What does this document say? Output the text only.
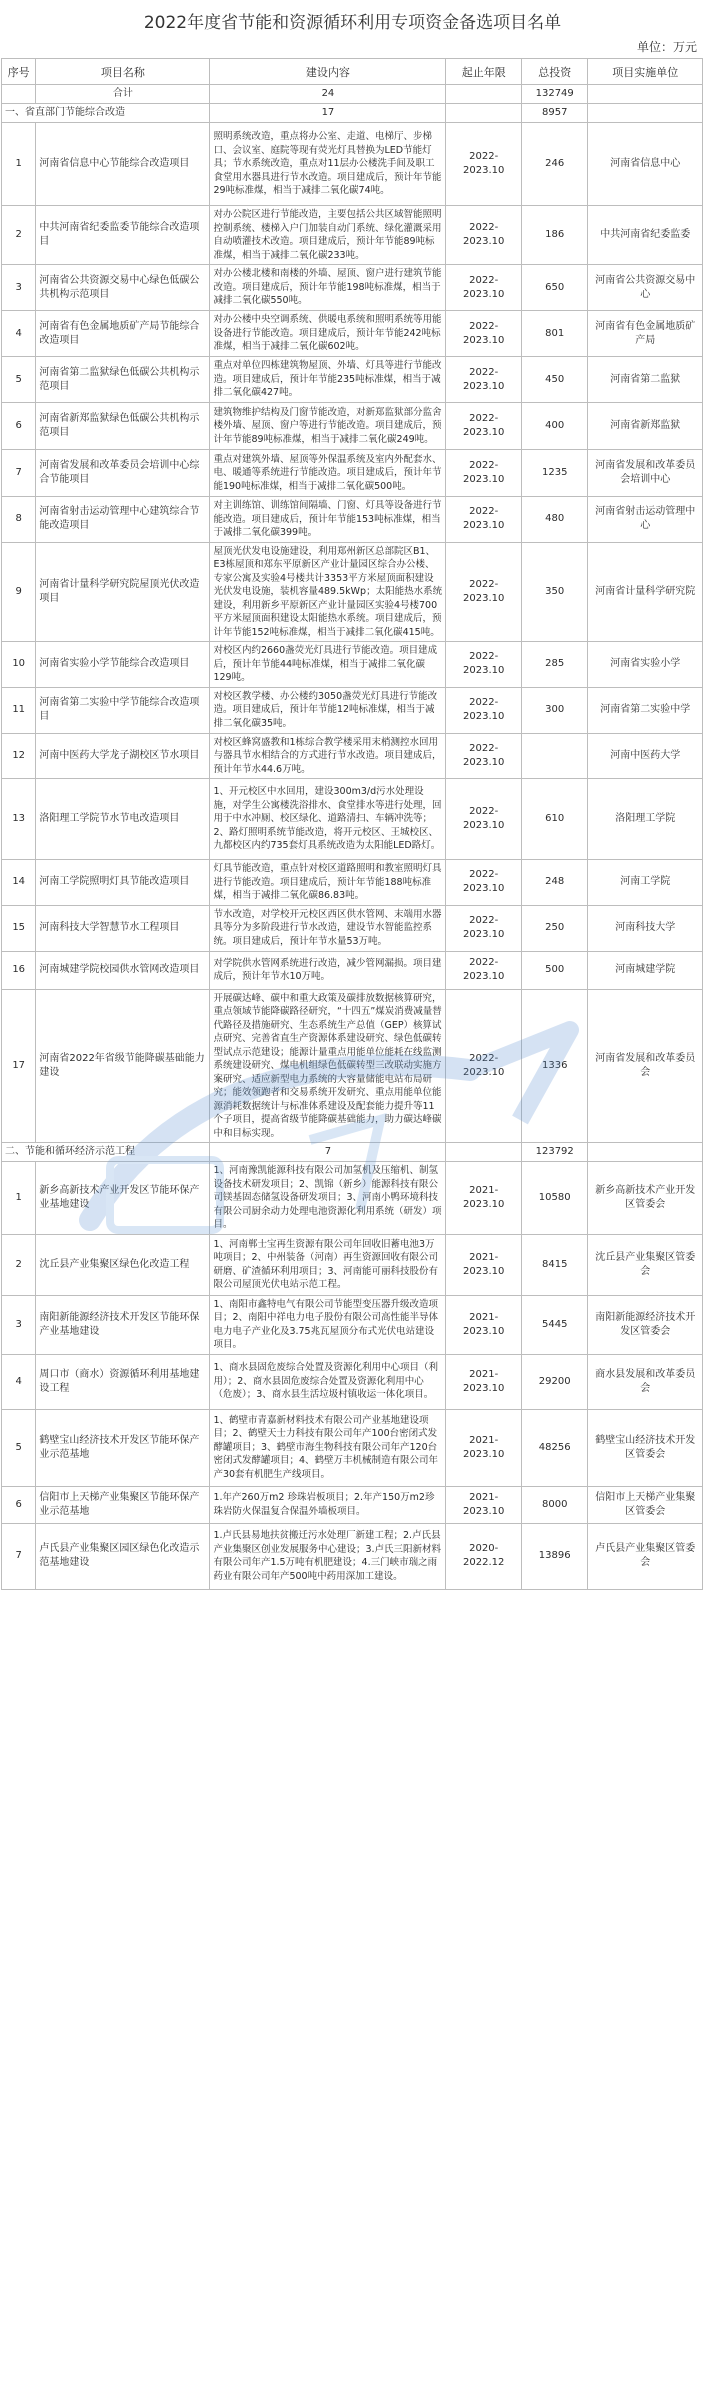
2022年度省节能和资源循环利用专项资金备选项目名单
单位：万元
序号	项目名称	建设内容	起止年限	总投资	项目实施单位
	合计	24		132749	
一、省直部门节能综合改造		17		8957	
1	河南省信息中心节能综合改造项目	照明系统改造，重点将办公室、走道、电梯厅、步梯口、会议室、庭院等现有荧光灯具替换为LED节能灯具；节水系统改造，重点对11层办公楼洗手间及职工食堂用水器具进行节水改造。项目建成后，预计年节能29吨标准煤，相当于减排二氧化碳74吨。	2022-2023.10	246	河南省信息中心
2	中共河南省纪委监委节能综合改造项目	对办公院区进行节能改造，主要包括公共区域智能照明控制系统、楼梯入户门加装自动门系统、绿化灌溉采用自动喷灌技术改造。项目建成后，预计年节能89吨标准煤，相当于减排二氧化碳233吨。	2022-2023.10	186	中共河南省纪委监委
3	河南省公共资源交易中心绿色低碳公共机构示范项目	对办公楼北楼和南楼的外墙、屋顶、窗户进行建筑节能改造。项目建成后，预计年节能198吨标准煤，相当于减排二氧化碳550吨。	2022-2023.10	650	河南省公共资源交易中心
4	河南省有色金属地质矿产局节能综合改造项目	对办公楼中央空调系统、供暖电系统和照明系统等用能设备进行节能改造。项目建成后，预计年节能242吨标准煤，相当于减排二氧化碳602吨。	2022-2023.10	801	河南省有色金属地质矿产局
5	河南省第二监狱绿色低碳公共机构示范项目	重点对单位四栋建筑物屋顶、外墙、灯具等进行节能改造。项目建成后，预计年节能235吨标准煤，相当于减排二氧化碳427吨。	2022-2023.10	450	河南省第二监狱
6	河南省新郑监狱绿色低碳公共机构示范项目	建筑物维护结构及门窗节能改造，对新郑监狱部分监舍楼外墙、屋顶、窗户等进行节能改造。项目建成后，预计年节能89吨标准煤，相当于减排二氧化碳249吨。	2022-2023.10	400	河南省新郑监狱
7	河南省发展和改革委员会培训中心综合节能项目	重点对建筑外墙、屋顶等外保温系统及室内外配套水、电、暖通等系统进行节能改造。项目建成后，预计年节能190吨标准煤，相当于减排二氧化碳500吨。	2022-2023.10	1235	河南省发展和改革委员会培训中心
8	河南省射击运动管理中心建筑综合节能改造项目	对主训练馆、训练馆间隔墙、门窗、灯具等设备进行节能改造。项目建成后，预计年节能153吨标准煤，相当于减排二氧化碳399吨。	2022-2023.10	480	河南省射击运动管理中心
9	河南省计量科学研究院屋顶光伏改造项目	屋顶光伏发电设施建设，利用郑州新区总部院区B1、E3栋屋顶和郑东平原新区产业计量园区综合办公楼、专家公寓及实验4号楼共计3353平方米屋顶面积建设光伏发电设施，装机容量489.5kWp；太阳能热水系统建设，利用新乡平原新区产业计量园区实验4号楼700平方米屋顶面积建设太阳能热水系统。项目建成后，预计年节能152吨标准煤，相当于减排二氧化碳415吨。	2022-2023.10	350	河南省计量科学研究院
10	河南省实验小学节能综合改造项目	对校区内约2660盏荧光灯具进行节能改造。项目建成后，预计年节能44吨标准煤，相当于减排二氧化碳129吨。	2022-2023.10	285	河南省实验小学
11	河南省第二实验中学节能综合改造项目	对校区教学楼、办公楼约3050盏荧光灯具进行节能改造。项目建成后，预计年节能12吨标准煤，相当于减排二氧化碳35吨。	2022-2023.10	300	河南省第二实验中学
12	河南中医药大学龙子湖校区节水项目	对校区蜂窝盛教和1栋综合教学楼采用末梢测控水回用与器具节水相结合的方式进行节水改造。项目建成后，预计年节水44.6万吨。	2022-2023.10		河南中医药大学
13	洛阳理工学院节水节电改造项目	1、开元校区中水回用，建设300m3/d污水处理设施，对学生公寓楼洗浴排水、食堂排水等进行处理，回用于中水冲厕、校区绿化、道路清扫、车辆冲洗等；2、路灯照明系统节能改造，将开元校区、王城校区、九都校区内约735套灯具系统改造为太阳能LED路灯。	2022-2023.10	610	洛阳理工学院
14	河南工学院照明灯具节能改造项目	灯具节能改造，重点针对校区道路照明和教室照明灯具进行节能改造。项目建成后，预计年节能188吨标准煤，相当于减排二氧化碳86.83吨。	2022-2023.10	248	河南工学院
15	河南科技大学智慧节水工程项目	节水改造，对学校开元校区西区供水管网、末端用水器具等分为多阶段进行节水改造，建设节水智能监控系统。项目建成后，预计年节水量53万吨。	2022-2023.10	250	河南科技大学
16	河南城建学院校园供水管网改造项目	对学院供水管网系统进行改造，减少管网漏损。项目建成后，预计年节水10万吨。	2022-2023.10	500	河南城建学院
17	河南省2022年省级节能降碳基础能力建设	开展碳达峰、碳中和重大政策及碳排放数据核算研究，重点领域节能降碳路径研究，“十四五”煤炭消费减量替代路径及措施研究、生态系统生产总值（GEP）核算试点研究、完善省直生产资源体系建设研究、绿色低碳转型试点示范建设；能源计量重点用能单位能耗在线监测系统建设研究、煤电机组绿色低碳转型三改联动实施方案研究、适应新型电力系统的大容量储能电站布局研究；能效领跑者和交易系统开发研究、重点用能单位能源消耗数据统计与标准体系建设及配套能力提升等11个子项目，提高省级节能降碳基础能力，助力碳达峰碳中和目标实现。	2022-2023.10	1336	河南省发展和改革委员会
二、节能和循环经济示范工程		7		123792	
1	新乡高新技术产业开发区节能环保产业基地建设	1、河南豫凯能源科技有限公司加氢机及压缩机、制氢设备技术研发项目；2、凯锦（新乡）能源科技有限公司镁基固态储氢设备研发项目；3、河南小鸭环境科技有限公司厨余动力处理电池资源化利用系统（研发）项目。	2021-2023.10	10580	新乡高新技术产业开发区管委会
2	沈丘县产业集聚区绿色化改造工程	1、河南郸士宝再生资源有限公司年回收旧蓄电池3万吨项目；2、中州装备（河南）再生资源回收有限公司研磨、矿渣循环利用项目；3、河南能可丽科技股份有限公司屋顶光伏电站示范工程。	2021-2023.10	8415	沈丘县产业集聚区管委会
3	南阳新能源经济技术开发区节能环保产业基地建设	1、南阳市鑫特电气有限公司节能型变压器升级改造项目；2、南阳中祥电力电子股份有限公司高性能半导体电力电子产业化及3.75兆瓦屋顶分布式光伏电站建设项目。	2021-2023.10	5445	南阳新能源经济技术开发区管委会
4	周口市（商水）资源循环利用基地建设工程	1、商水县固危废综合处置及资源化利用中心项目（利用）；2、商水县固危废综合处置及资源化利用中心（危废）；3、商水县生活垃圾村镇收运一体化项目。	2021-2023.10	29200	商水县发展和改革委员会
5	鹤壁宝山经济技术开发区节能环保产业示范基地	1、鹤壁市青嘉新材料技术有限公司产业基地建设项目；2、鹤壁天士力科技有限公司年产100台密闭式发酵罐项目；3、鹤壁市海生物科技有限公司年产120台密闭式发酵罐项目；4、鹤壁万丰机械制造有限公司年产30套有机肥生产线项目。	2021-2023.10	48256	鹤壁宝山经济技术开发区管委会
6	信阳市上天梯产业集聚区节能环保产业示范基地	1.年产260万m2 珍珠岩板项目；2.年产150万m2珍珠岩防火保温复合保温外墙板项目。	2021-2023.10	8000	信阳市上天梯产业集聚区管委会
7	卢氏县产业集聚区园区绿色化改造示范基地建设	1.卢氏县易地扶贫搬迁污水处理厂新建工程；2.卢氏县产业集聚区创业发展服务中心建设；3.卢氏三阳新材料有限公司年产1.5万吨有机肥建设；4.三门峡市瑞之雨药业有限公司年产500吨中药用深加工建设。	2020-2022.12	13896	卢氏县产业集聚区管委会
